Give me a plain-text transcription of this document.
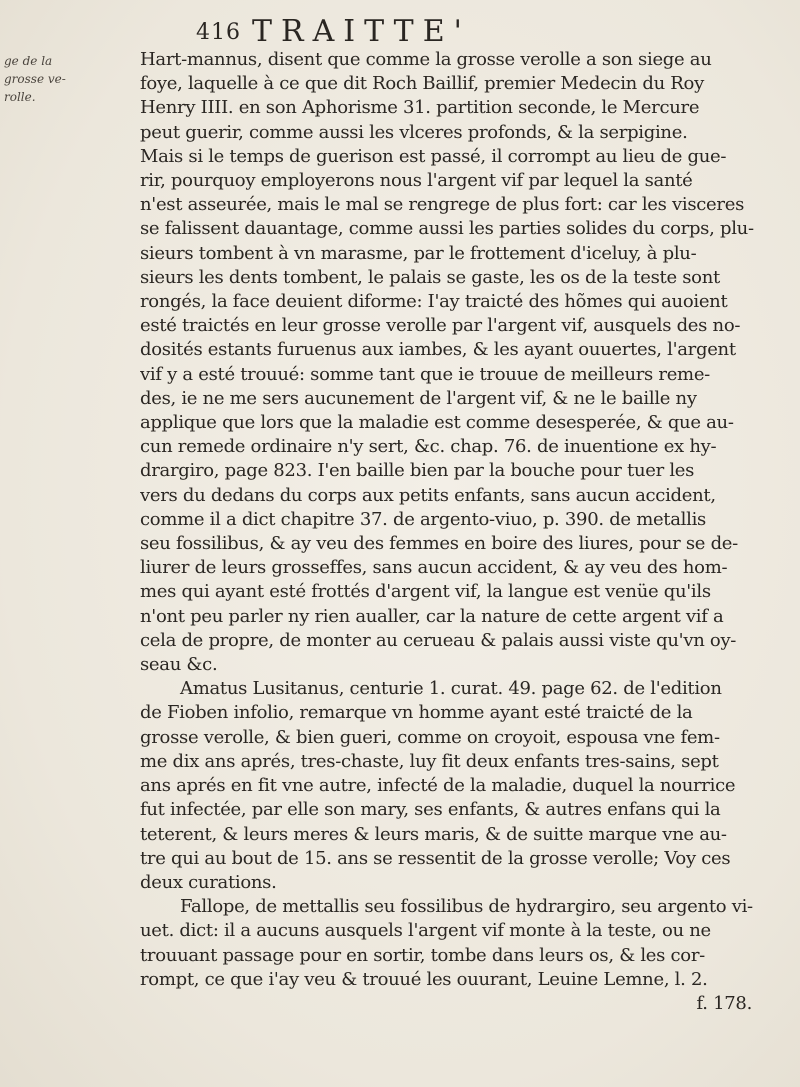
416 TRAITTE'
ge de la
grosse ve-
rolle.
Hart-mannus, disent que comme la grosse verolle a son siege au
foye, laquelle à ce que dit Roch Baillif, premier Medecin du Roy
Henry IIII. en son Aphorisme 31. partition seconde, le Mercure
peut guerir, comme aussi les vlceres profonds, & la serpigine.
Mais si le temps de guerison est passé, il corrompt au lieu de gue-
rir, pourquoy employerons nous l'argent vif par lequel la santé
n'est asseurée, mais le mal se rengrege de plus fort: car les visceres
se falissent dauantage, comme aussi les parties solides du corps, plu-
sieurs tombent à vn marasme, par le frottement d'iceluy, à plu-
sieurs les dents tombent, le palais se gaste, les os de la teste sont
rongés, la face deuient diforme: I'ay traicté des hõmes qui auoient
esté traictés en leur grosse verolle par l'argent vif, ausquels des no-
dosités estants furuenus aux iambes, & les ayant ouuertes, l'argent
vif y a esté trouué: somme tant que ie trouue de meilleurs reme-
des, ie ne me sers aucunement de l'argent vif, & ne le baille ny
applique que lors que la maladie est comme desesperée, & que au-
cun remede ordinaire n'y sert, &c. chap. 76. de inuentione ex hy-
drargiro, page 823. I'en baille bien par la bouche pour tuer les
vers du dedans du corps aux petits enfants, sans aucun accident,
comme il a dict chapitre 37. de argento-viuo, p. 390. de metallis
seu fossilibus, & ay veu des femmes en boire des liures, pour se de-
liurer de leurs grosseffes, sans aucun accident, & ay veu des hom-
mes qui ayant esté frottés d'argent vif, la langue est venüe qu'ils
n'ont peu parler ny rien aualler, car la nature de cette argent vif a
cela de propre, de monter au cerueau & palais aussi viste qu'vn oy-
seau &c.
Amatus Lusitanus, centurie 1. curat. 49. page 62. de l'edition
de Fioben infolio, remarque vn homme ayant esté traicté de la
grosse verolle, & bien gueri, comme on croyoit, espousa vne fem-
me dix ans aprés, tres-chaste, luy fit deux enfants tres-sains, sept
ans aprés en fit vne autre, infecté de la maladie, duquel la nourrice
fut infectée, par elle son mary, ses enfants, & autres enfans qui la
teterent, & leurs meres & leurs maris, & de suitte marque vne au-
tre qui au bout de 15. ans se ressentit de la grosse verolle; Voy ces
deux curations.
Fallope, de mettallis seu fossilibus de hydrargiro, seu argento vi-
uet. dict: il a aucuns ausquels l'argent vif monte à la teste, ou ne
trouuant passage pour en sortir, tombe dans leurs os, & les cor-
rompt, ce que i'ay veu & trouué les ouurant, Leuine Lemne, l. 2.
f. 178.
